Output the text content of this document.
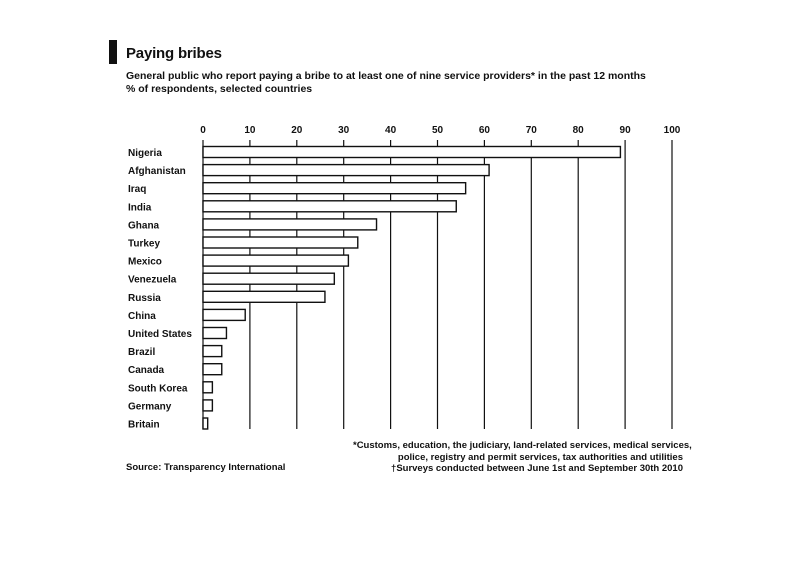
Paying bribes
General public who report paying a bribe to at least one of nine service providers* in the past 12 months
% of respondents, selected countries
0	10	20	30	40	50	60	70	80	90	100
Nigeria
Afghanistan
Iraq
India
Ghana
Turkey
Mexico
Venezuela
Russia
China
United States
Brazil
Canada
South Korea
Germany
Britain
*Customs, education, the judiciary, land-related services, medical services,
police, registry and permit services, tax authorities and utilities
†Surveys conducted between June 1st and September 30th 2010
Source: Transparency International
